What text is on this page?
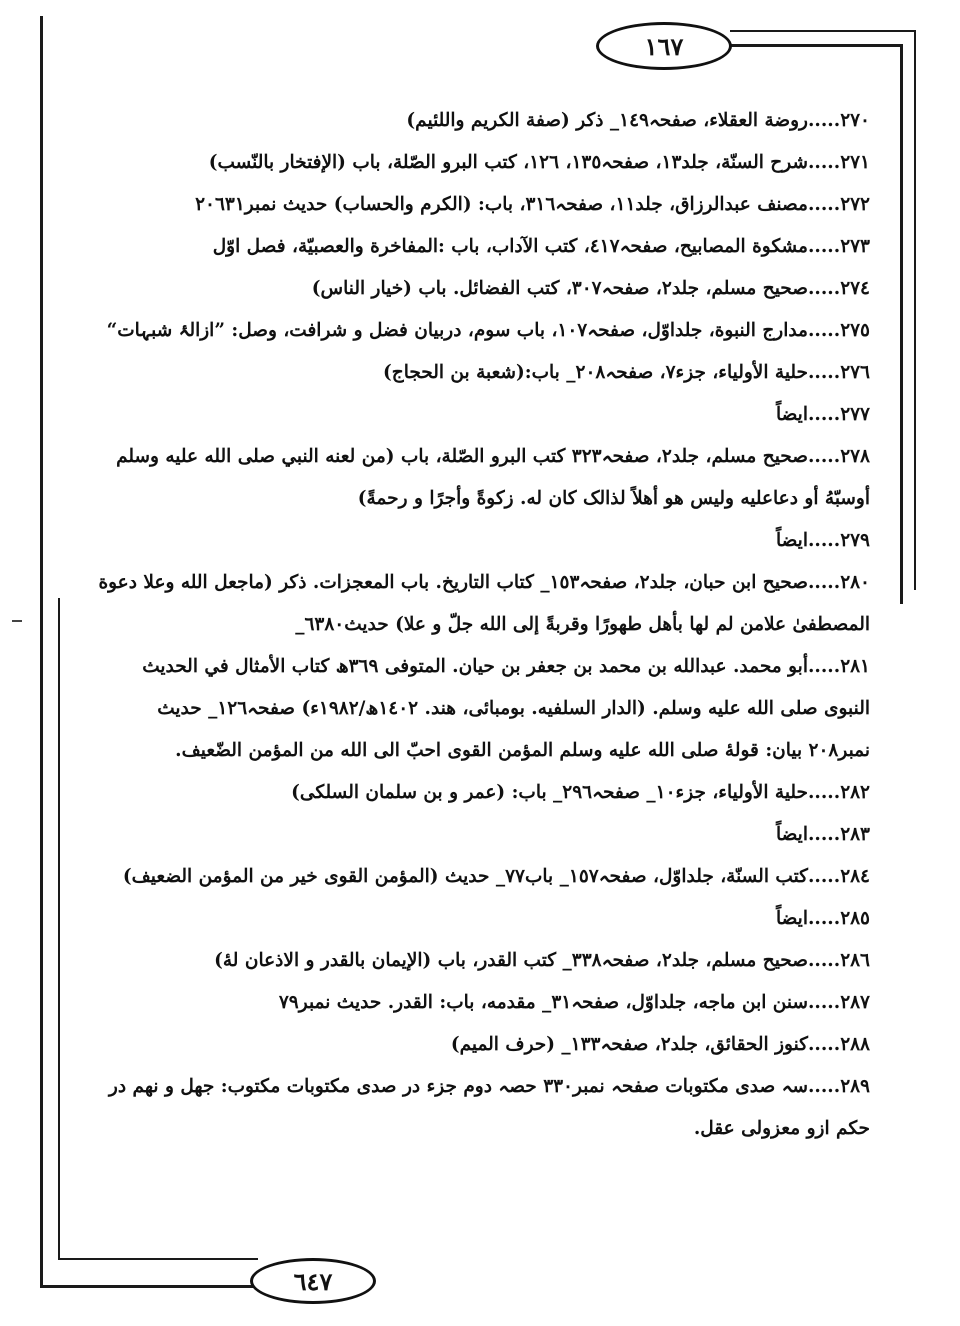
١٦٧
٢٧٠.....روضة العقلاء، صفحہ١٤٩_ ذکر (صفة الكريم واللئيم)
٢٧١.....شرح السنّة، جلد١٣، صفحہ١٣٥، ١٢٦، کتب البرو الصّلة، باب (الإفتخار بالنّسب)
٢٧٢.....مصنف عبدالرزاق، جلد١١، صفحہ٣١٦، باب: (الكرم والحساب) حديث نمبر٢٠٦٣١
٢٧٣.....مشكوة المصابيح، صفحہ٤١٧، کتب الآداب، باب :المفاخرة والعصبيّة، فصل اوّل
٢٧٤.....صحيح مسلم، جلد٢، صفحہ٣٠٧، کتب الفضائل. باب (خيار الناس)
٢٧٥.....مدارج النبوة، جلداوّل، صفحہ١٠٧، باب سوم، دربیان فضل و شرافت، وصل: ”ازالۂ شبہات“
٢٧٦.....حلية الأولياء، جزء٧، صفحہ٢٠٨_ باب:(شعبة بن الحجاج)
٢٧٧.....ايضاً
٢٧٨.....صحيح مسلم، جلد٢، صفحہ٣٢٣ کتب البرو الصّلة، باب (من لعنه النبي صلى الله عليه وسلم أوسبّهُ أو دعاعليه وليس هو أهلاً لذالک کان له. زکوةً وأجرًا و رحمةً)
٢٧٩.....ايضاً
٢٨٠.....صحيح ابن حبان، جلد٢، صفحہ١٥٣_ كتاب التاريخ. باب المعجزات. ذکر (ماجعل الله وعلا دعوة المصطفیٰ علامن لم لها بأهل طهورًا وقربةً إلی الله جلّ و علا) حديث٦٣٨٠_
٢٨١.....أبو محمد. عبدالله بن محمد بن جعفر بن حيان. المتوفى ٣٦٩ھ كتاب الأمثال في الحديث النبوى صلى الله عليه وسلم. (الدار السلفيه. بومبائی، هند. ١٤٠٢ھ/١٩٨٢ء) صفحہ١٢٦_ حديث نمبر٢٠٨ بيان: قولهٔ صلى الله عليه وسلم المؤمن القوى احبّ الى الله من المؤمن الضّعيف.
٢٨٢.....حلية الأولياء، جزء١٠_ صفحہ٢٩٦_ باب: (عمر و بن سلمان السلكى)
٢٨٣.....ايضاً
٢٨٤.....کتب السنّة، جلداوّل، صفحہ١٥٧_ باب٧٧_ حديث (المؤمن القوى خير من المؤمن الضعيف)
٢٨٥.....ايضاً
٢٨٦.....صحيح مسلم، جلد٢، صفحہ٣٣٨_ کتب القدر، باب (الإيمان بالقدر و الاذعان لهٔ)
٢٨٧.....سنن ابن ماجه، جلداوّل، صفحہ٣١_ مقدمه، باب: القدر. حديث نمبر٧٩
٢٨٨.....كنوز الحقائق، جلد٢، صفحہ١٣٣_ (حرف الميم)
٢٨٩.....سہ صدی مکتوبات صفحہ نمبر٣٣٠ حصہ دوم جزء در صدی مکتوبات مکتوب: جهل و نهم در حکم ازو معزولی عقل.
٦٤٧
